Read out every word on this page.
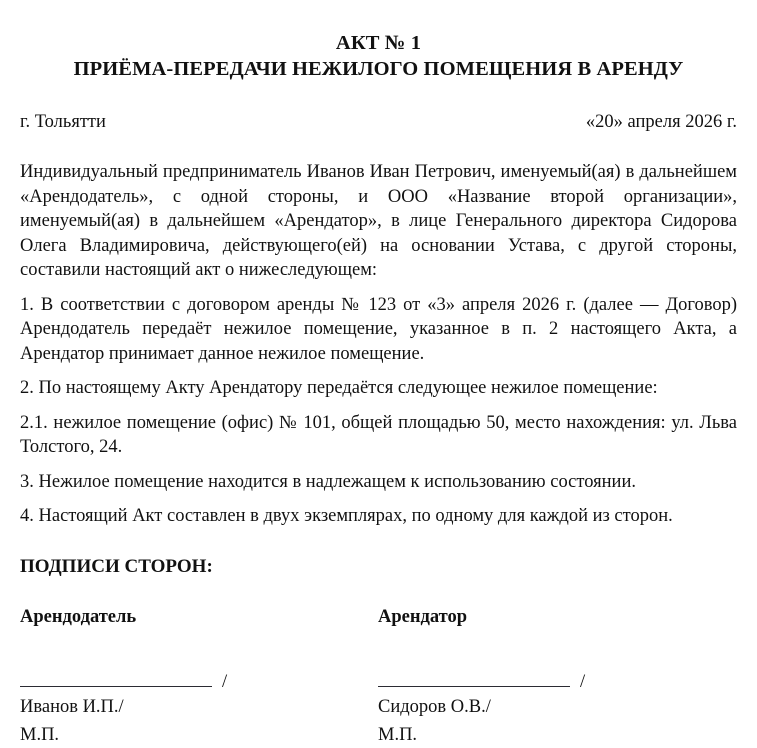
АКТ № 1
ПРИЁМА-ПЕРЕДАЧИ НЕЖИЛОГО ПОМЕЩЕНИЯ В АРЕНДУ
г. Тольятти	«20» апреля 2026 г.

Индивидуальный предприниматель Иванов Иван Петрович, именуемый(ая) в дальнейшем «Арендодатель», с одной стороны, и ООО «Название второй организации», именуемый(ая) в дальнейшем «Арендатор», в лице Генерального директора Сидорова Олега Владимировича, действующего(ей) на основании Устава, с другой стороны, составили настоящий акт о нижеследующем:

1. В соответствии с договором аренды № 123 от «3» апреля 2026 г. (далее — Договор) Арендодатель передаёт нежилое помещение, указанное в п. 2 настоящего Акта, а Арендатор принимает данное нежилое помещение.

2. По настоящему Акту Арендатору передаётся следующее нежилое помещение:

2.1. нежилое помещение (офис) № 101, общей площадью 50, место нахождения: ул. Льва Толстого, 24.

3. Нежилое помещение находится в надлежащем к использованию состоянии.

4. Настоящий Акт составлен в двух экземплярах, по одному для каждой из сторон.

ПОДПИСИ СТОРОН:
Арендодатель
/
Иванов И.П./
М.П.
Арендатор
/
Сидоров О.В./
М.П.
